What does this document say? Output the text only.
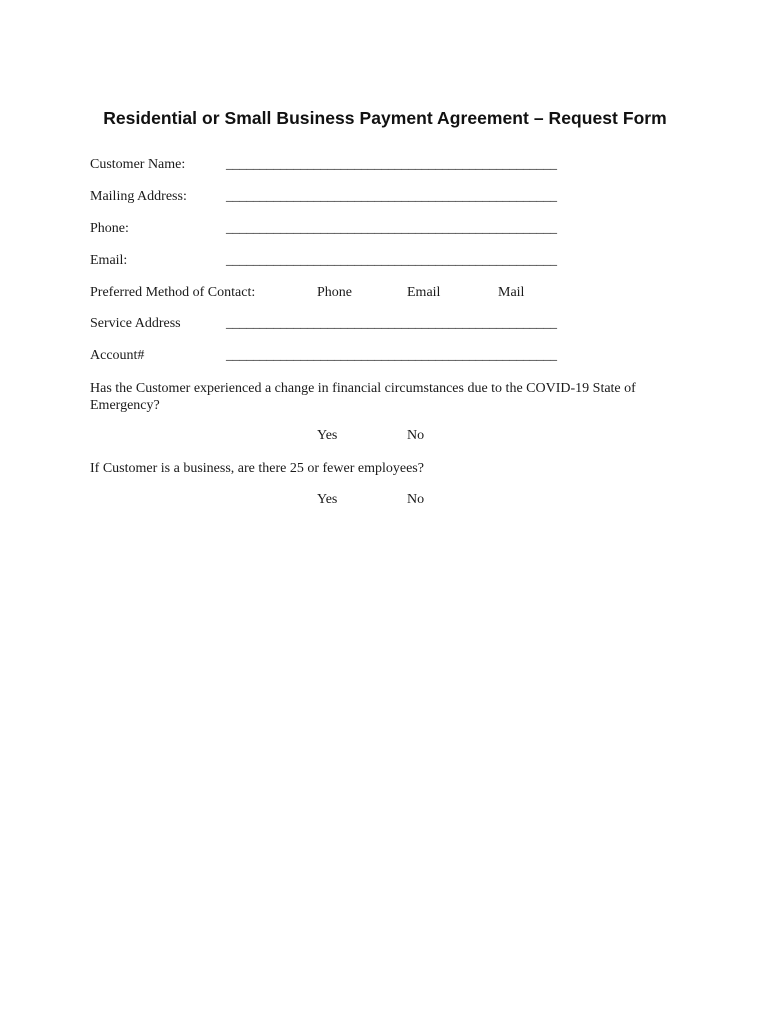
Residential or Small Business Payment Agreement – Request Form
Customer Name:	_________________________________________________
Mailing Address:	_________________________________________________
Phone:	_________________________________________________
Email:	_________________________________________________
Preferred Method of Contact:	Phone	Email	Mail
Service Address	_________________________________________________
Account#	_________________________________________________
Has the Customer experienced a change in financial circumstances due to the COVID-19 State of Emergency?
Yes	No
If Customer is a business, are there 25 or fewer employees?
Yes	No
